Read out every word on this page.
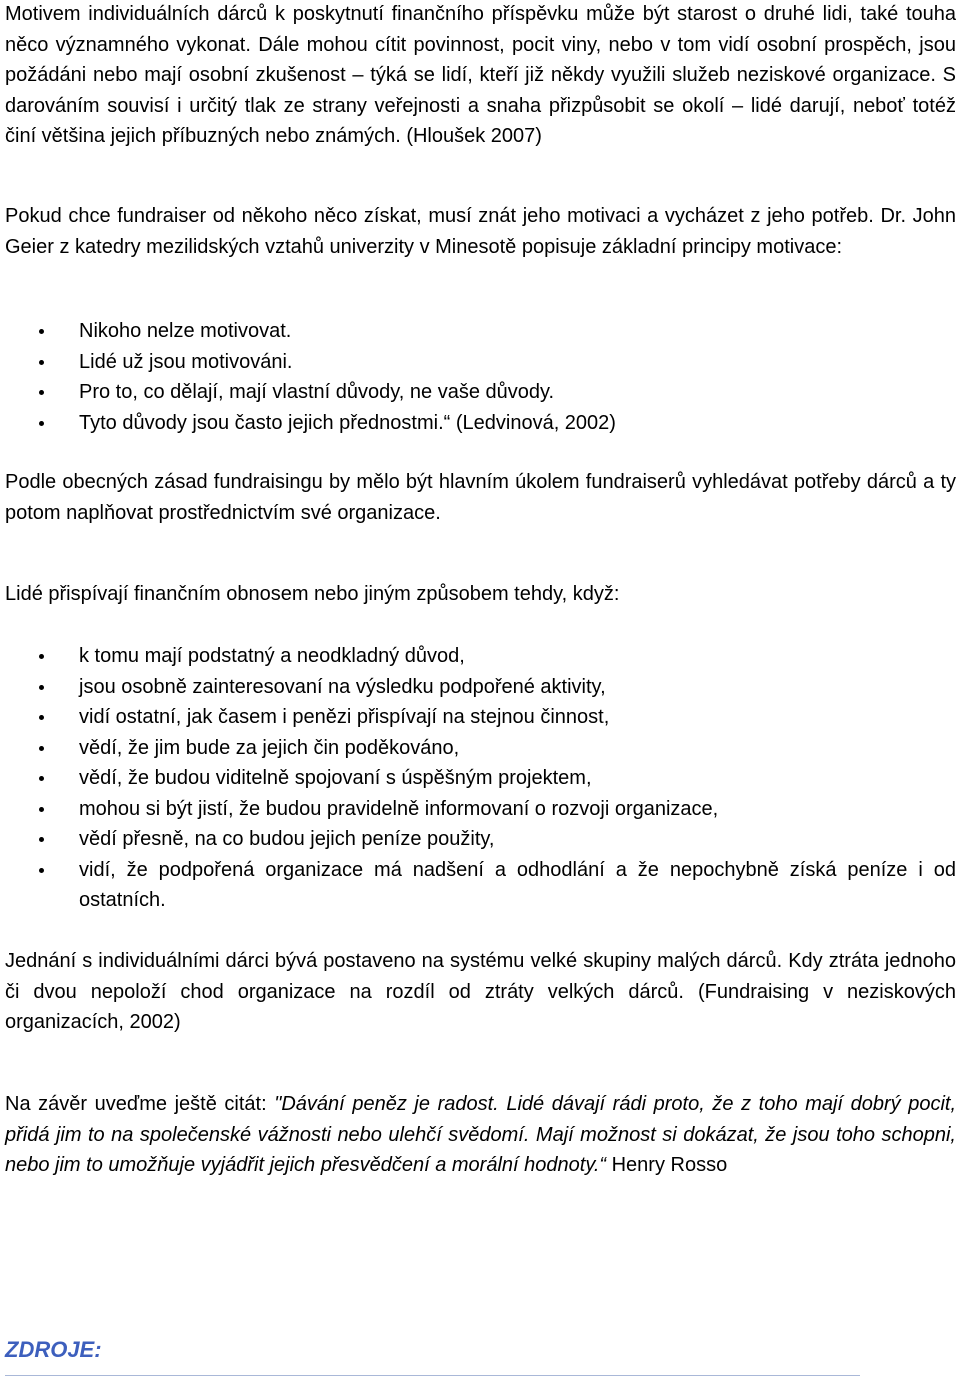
Motivem individuálních dárců k poskytnutí finančního příspěvku může být starost o druhé lidi, také touha něco významného vykonat. Dále mohou cítit povinnost, pocit viny, nebo v tom vidí osobní prospěch, jsou požádáni nebo mají osobní zkušenost – týká se lidí, kteří již někdy využili služeb neziskové organizace. S darováním souvisí i určitý tlak ze strany veřejnosti a snaha přizpůsobit se okolí – lidé darují, neboť totéž činí většina jejich příbuzných nebo známých. (Hloušek 2007)
Pokud chce fundraiser od někoho něco získat, musí znát jeho motivaci a vycházet z jeho potřeb. Dr. John Geier z katedry mezilidských vztahů univerzity v Minesotě popisuje základní principy motivace:
Nikoho nelze motivovat.
Lidé už jsou motivováni.
Pro to, co dělají, mají vlastní důvody, ne vaše důvody.
Tyto důvody jsou často jejich přednostmi.“ (Ledvinová, 2002)
Podle obecných zásad fundraisingu by mělo být hlavním úkolem fundraiserů vyhledávat potřeby dárců a ty potom naplňovat prostřednictvím své organizace.
Lidé přispívají finančním obnosem nebo jiným způsobem tehdy, když:
k tomu mají podstatný a neodkladný důvod,
jsou osobně zainteresovaní na výsledku podpořené aktivity,
vidí ostatní, jak časem i penězi přispívají na stejnou činnost,
vědí, že jim bude za jejich čin poděkováno,
vědí, že budou viditelně spojovaní s úspěšným projektem,
mohou si být jistí, že budou pravidelně informovaní o rozvoji organizace,
vědí přesně, na co budou jejich peníze použity,
vidí, že podpořená organizace má nadšení a odhodlání a že nepochybně získá peníze i od ostatních.
Jednání s individuálními dárci bývá postaveno na systému velké skupiny malých dárců. Kdy ztráta jednoho či dvou nepoloží chod organizace na rozdíl od ztráty velkých dárců. (Fundraising v neziskových organizacích, 2002)
Na závěr uveďme ještě citát: "Dávání peněz je radost. Lidé dávají rádi proto, že z toho mají dobrý pocit, přidá jim to na společenské vážnosti nebo ulehčí svědomí. Mají možnost si dokázat, že jsou toho schopni, nebo jim to umožňuje vyjádřit jejich přesvědčení a morální hodnoty.“ Henry Rosso
ZDROJE:
